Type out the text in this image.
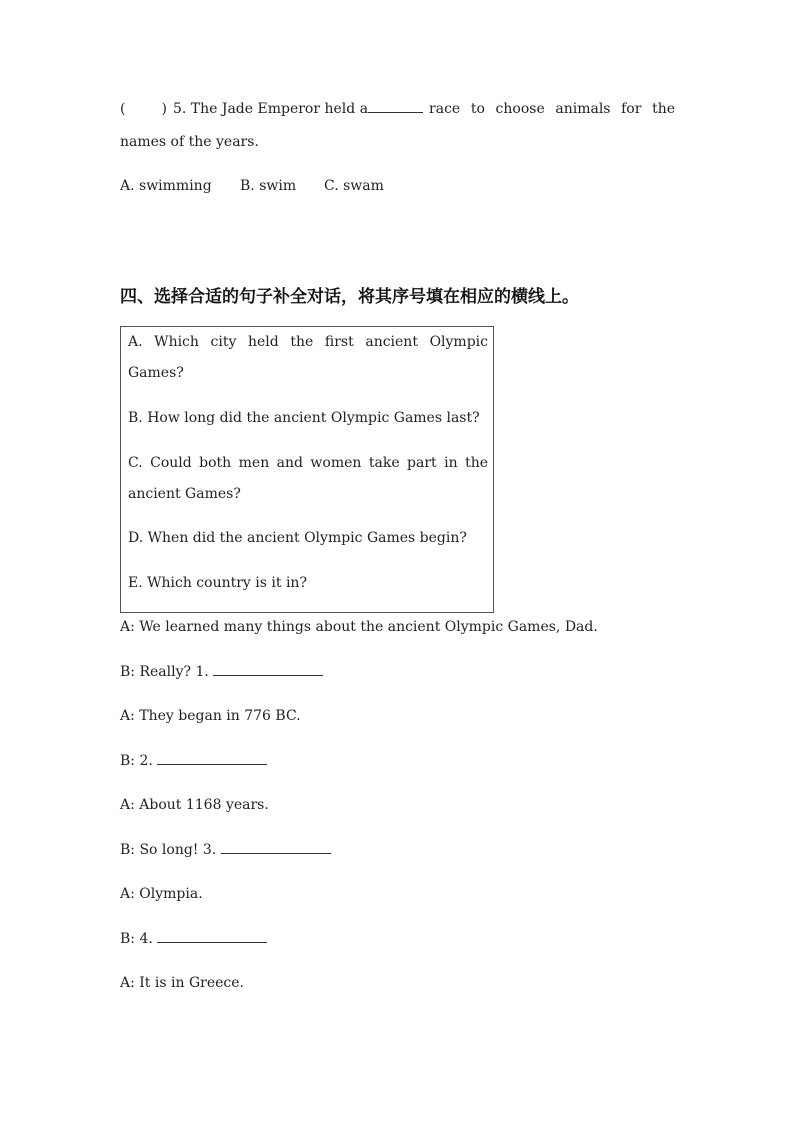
(	) 5. The Jade Emperor held a	race to choose animals for the
names of the years.
A. swimming B. swim C. swam
四、选择合适的句子补全对话，将其序号填在相应的横线上。
A. Which city held the first ancient Olympic
Games?
B. How long did the ancient Olympic Games last?
C. Could both men and women take part in the
ancient Games?
D. When did the ancient Olympic Games begin?
E. Which country is it in?
A: We learned many things about the ancient Olympic Games, Dad.
B: Really? 1.
A: They began in 776 BC.
B: 2.
A: About 1168 years.
B: So long! 3.
A: Olympia.
B: 4.
A: It is in Greece.
